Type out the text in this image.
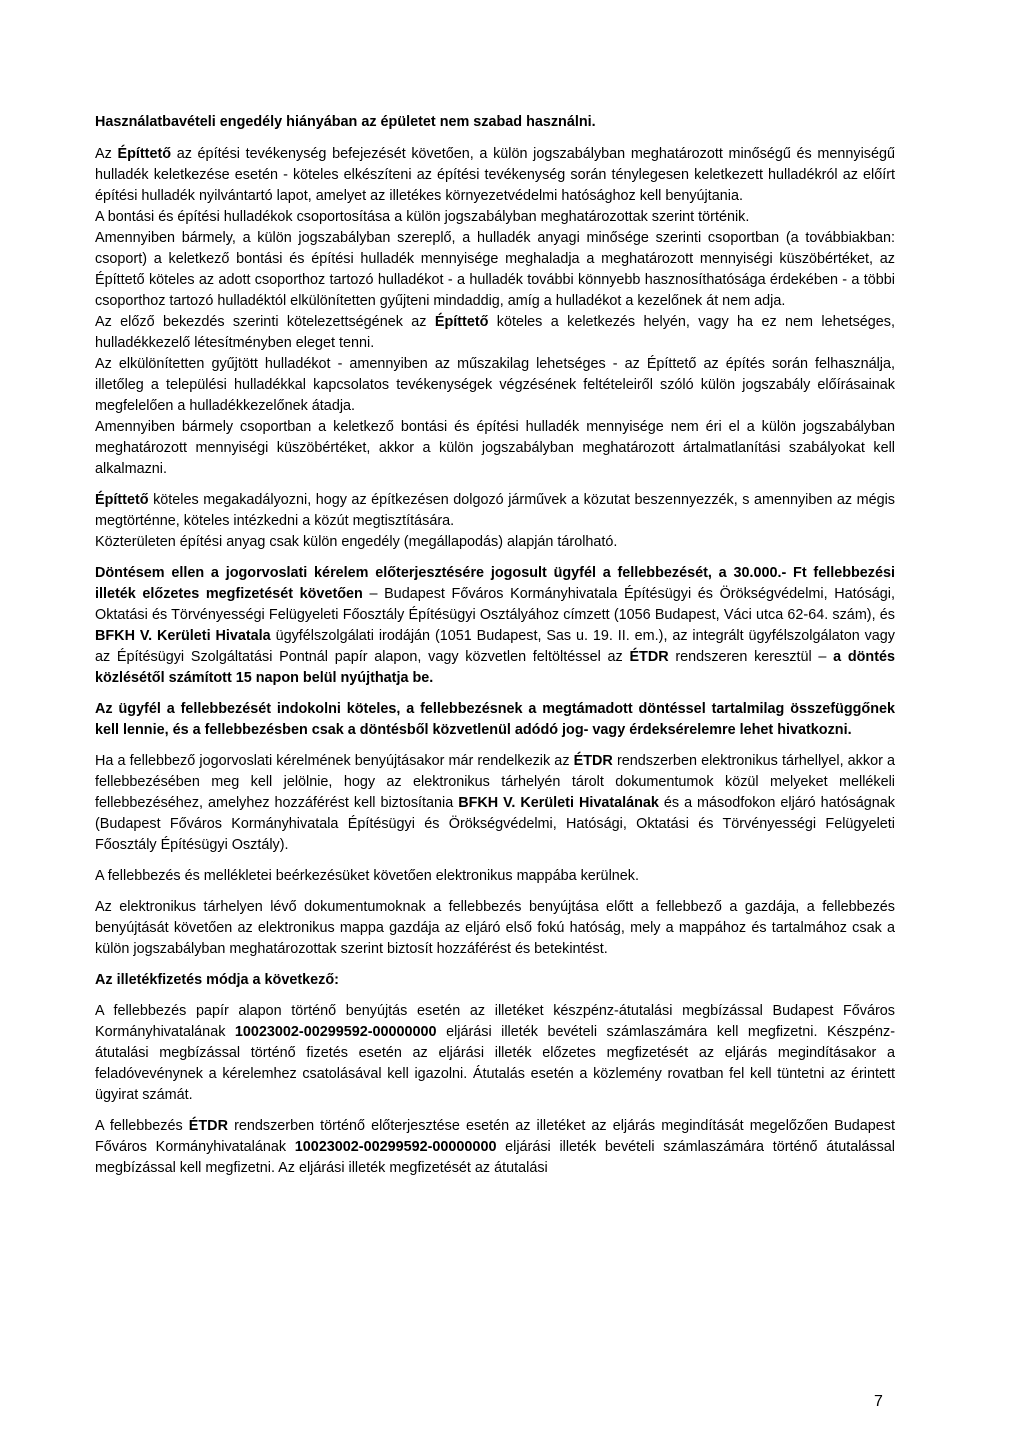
Használatbavételi engedély hiányában az épületet nem szabad használni.

Az Építtető az építési tevékenység befejezését követően, a külön jogszabályban meghatározott minőségű és mennyiségű hulladék keletkezése esetén - köteles elkészíteni az építési tevékenység során ténylegesen keletkezett hulladékról az előírt építési hulladék nyilvántartó lapot, amelyet az illetékes környezetvédelmi hatósághoz kell benyújtania.

A bontási és építési hulladékok csoportosítása a külön jogszabályban meghatározottak szerint történik.

Amennyiben bármely, a külön jogszabályban szereplő, a hulladék anyagi minősége szerinti csoportban (a továbbiakban: csoport) a keletkező bontási és építési hulladék mennyisége meghaladja a meghatározott mennyiségi küszöbértéket, az Építtető köteles az adott csoporthoz tartozó hulladékot - a hulladék további könnyebb hasznosíthatósága érdekében - a többi csoporthoz tartozó hulladéktól elkülönítetten gyűjteni mindaddig, amíg a hulladékot a kezelőnek át nem adja.

Az előző bekezdés szerinti kötelezettségének az Építtető köteles a keletkezés helyén, vagy ha ez nem lehetséges, hulladékkezelő létesítményben eleget tenni.

Az elkülönítetten gyűjtött hulladékot - amennyiben az műszakilag lehetséges - az Építtető az építés során felhasználja, illetőleg a települési hulladékkal kapcsolatos tevékenységek végzésének feltételeiről szóló külön jogszabály előírásainak megfelelően a hulladékkezelőnek átadja.

Amennyiben bármely csoportban a keletkező bontási és építési hulladék mennyisége nem éri el a külön jogszabályban meghatározott mennyiségi küszöbértéket, akkor a külön jogszabályban meghatározott ártalmatlanítási szabályokat kell alkalmazni.

Építtető köteles megakadályozni, hogy az építkezésen dolgozó járművek a közutat beszennyezzék, s amennyiben az mégis megtörténne, köteles intézkedni a közút megtisztítására.

Közterületen építési anyag csak külön engedély (megállapodás) alapján tárolható.

Döntésem ellen a jogorvoslati kérelem előterjesztésére jogosult ügyfél a fellebbezését, a 30.000.- Ft fellebbezési illeték előzetes megfizetését követően – Budapest Főváros Kormányhivatala Építésügyi és Örökségvédelmi, Hatósági, Oktatási és Törvényességi Felügyeleti Főosztály Építésügyi Osztályához címzett (1056 Budapest, Váci utca 62-64. szám), és BFKH V. Kerületi Hivatala ügyfélszolgálati irodáján (1051 Budapest, Sas u. 19. II. em.), az integrált ügyfélszolgálaton vagy az Építésügyi Szolgáltatási Pontnál papír alapon, vagy közvetlen feltöltéssel az ÉTDR rendszeren keresztül – a döntés közlésétől számított 15 napon belül nyújthatja be.

Az ügyfél a fellebbezését indokolni köteles, a fellebbezésnek a megtámadott döntéssel tartalmilag összefüggőnek kell lennie, és a fellebbezésben csak a döntésből közvetlenül adódó jog- vagy érdeksérelemre lehet hivatkozni.

Ha a fellebbező jogorvoslati kérelmének benyújtásakor már rendelkezik az ÉTDR rendszerben elektronikus tárhellyel, akkor a fellebbezésében meg kell jelölnie, hogy az elektronikus tárhelyén tárolt dokumentumok közül melyeket mellékeli fellebbezéséhez, amelyhez hozzáférést kell biztosítania BFKH V. Kerületi Hivatalának és a másodfokon eljáró hatóságnak (Budapest Főváros Kormányhivatala Építésügyi és Örökségvédelmi, Hatósági, Oktatási és Törvényességi Felügyeleti Főosztály Építésügyi Osztály).

A fellebbezés és mellékletei beérkezésüket követően elektronikus mappába kerülnek.

Az elektronikus tárhelyen lévő dokumentumoknak a fellebbezés benyújtása előtt a fellebbező a gazdája, a fellebbezés benyújtását követően az elektronikus mappa gazdája az eljáró első fokú hatóság, mely a mappához és tartalmához csak a külön jogszabályban meghatározottak szerint biztosít hozzáférést és betekintést.

Az illetékfizetés módja a következő:

A fellebbezés papír alapon történő benyújtás esetén az illetéket készpénz-átutalási megbízással Budapest Főváros Kormányhivatalának 10023002-00299592-00000000 eljárási illeték bevételi számlaszámára kell megfizetni. Készpénz-átutalási megbízással történő fizetés esetén az eljárási illeték előzetes megfizetését az eljárás megindításakor a feladóvevénynek a kérelemhez csatolásával kell igazolni. Átutalás esetén a közlemény rovatban fel kell tüntetni az érintett ügyirat számát.

A fellebbezés ÉTDR rendszerben történő előterjesztése esetén az illetéket az eljárás megindítását megelőzően Budapest Főváros Kormányhivatalának 10023002-00299592-00000000 eljárási illeték bevételi számlaszámára történő átutalással megbízással kell megfizetni. Az eljárási illeték megfizetését az átutalási

7
